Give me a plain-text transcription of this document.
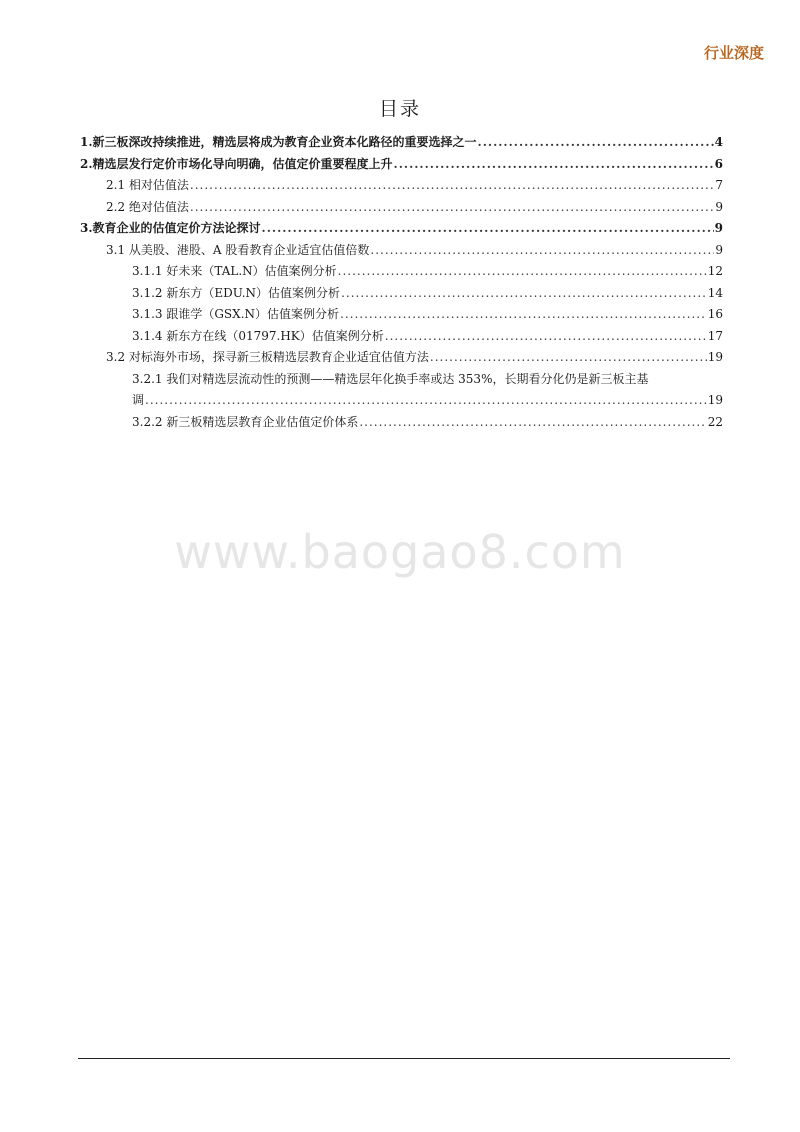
行业深度
目录
1.新三板深改持续推进，精选层将成为教育企业资本化路径的重要选择之一 .....	4
2.精选层发行定价市场化导向明确，估值定价重要程度上升 .....	6
2.1 相对估值法 .....	7
2.2 绝对估值法 .....	9
3.教育企业的估值定价方法论探讨 .....	9
3.1 从美股、港股、A 股看教育企业适宜估值倍数 .....	9
3.1.1 好未来（TAL.N）估值案例分析 .....	12
3.1.2 新东方（EDU.N）估值案例分析 .....	14
3.1.3 跟谁学（GSX.N）估值案例分析 .....	16
3.1.4 新东方在线（01797.HK）估值案例分析 .....	17
3.2 对标海外市场，探寻新三板精选层教育企业适宜估值方法 .....	19
3.2.1 我们对精选层流动性的预测——精选层年化换手率或达 353%，长期看分化仍是新三板主基
调 .....	19
3.2.2 新三板精选层教育企业估值定价体系 .....	22
www.baogao8.com
